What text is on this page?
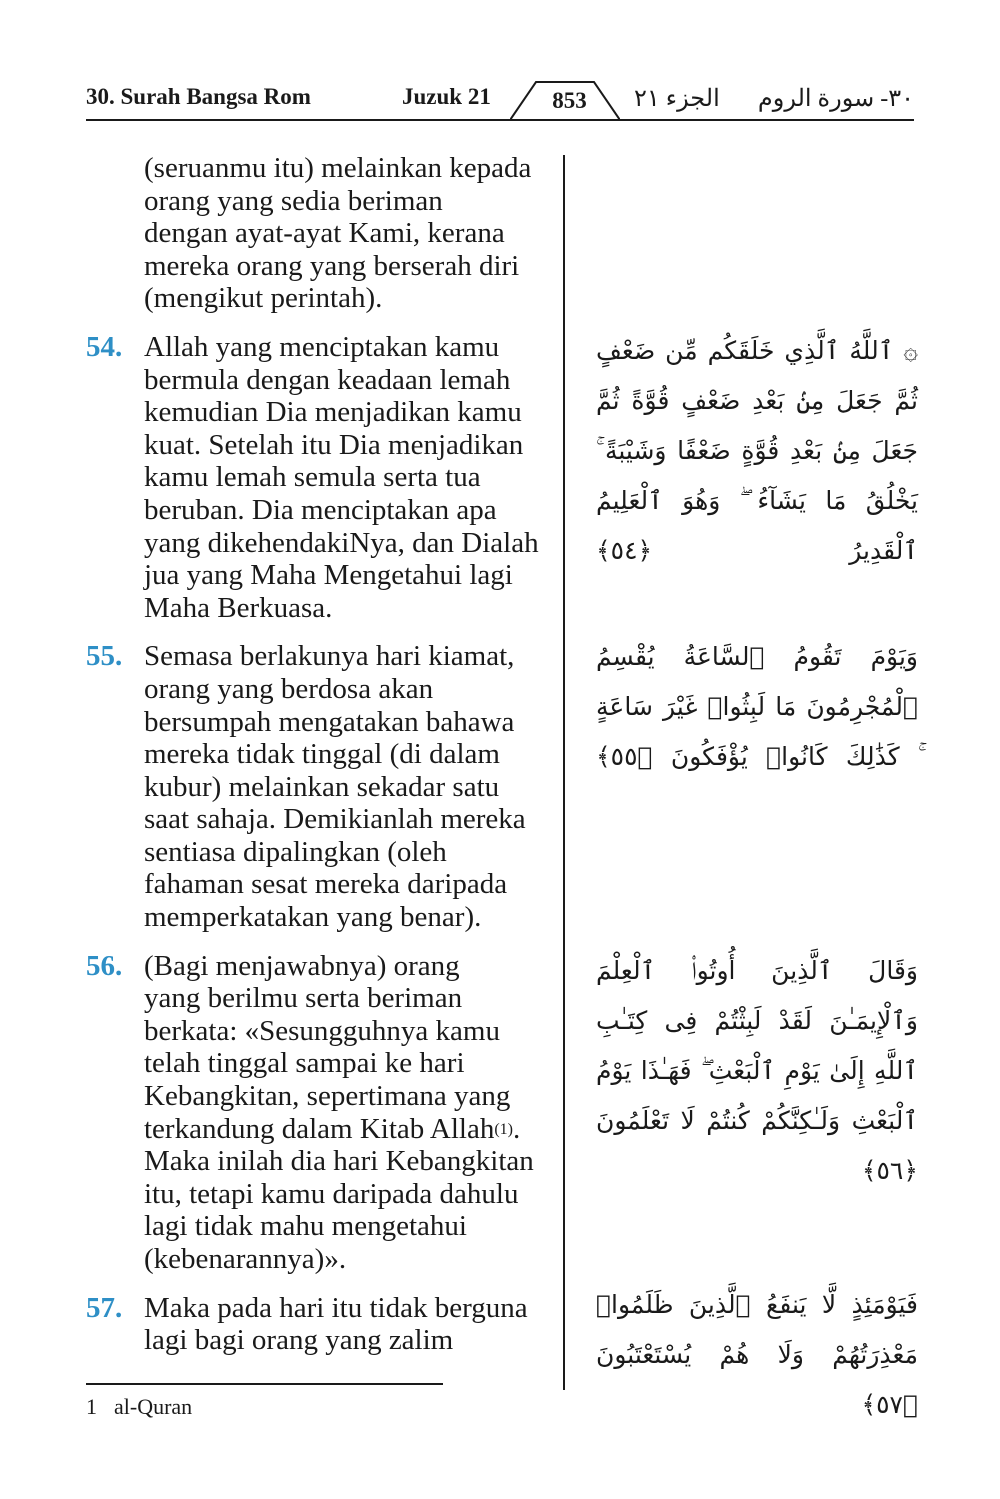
30. Surah Bangsa Rom	Juzuk 21	853	الجزء ٢١ ٣٠- سورة الروم

(seruanmu itu) melainkan kepada

orang yang sedia beriman

dengan ayat-ayat Kami, kerana

mereka orang yang berserah diri

(mengikut perintah).

54. Allah yang menciptakan kamu

bermula dengan keadaan lemah

kemudian Dia menjadikan kamu

kuat. Setelah itu Dia menjadikan

kamu lemah semula serta tua

beruban. Dia menciptakan apa

yang dikehendakiNya, dan Dialah

jua yang Maha Mengetahui lagi

Maha Berkuasa.

55. Semasa berlakunya hari kiamat,

orang yang berdosa akan

bersumpah mengatakan bahawa

mereka tidak tinggal (di dalam

kubur) melainkan sekadar satu

saat sahaja. Demikianlah mereka

sentiasa dipalingkan (oleh

fahaman sesat mereka daripada

memperkatakan yang benar).

56. (Bagi menjawabnya) orang

yang berilmu serta beriman

berkata: «Sesungguhnya kamu

telah tinggal sampai ke hari

Kebangkitan, sepertimana yang

terkandung dalam Kitab Allah$^{(1)}$.

Maka inilah dia hari Kebangkitan

itu, tetapi kamu daripada dahulu

lagi tidak mahu mengetahui

(kebenarannya)».

57. Maka pada hari itu tidak berguna

lagi bagi orang yang zalim

۞ ٱللَّهُ ٱلَّذِي خَلَقَكُم مِّن ضَعْفٍ ثُمَّ جَعَلَ مِنۢ بَعْدِ ضَعْفٍ قُوَّةً ثُمَّ جَعَلَ مِنۢ بَعْدِ قُوَّةٍ ضَعْفًا وَشَيْبَةً ۚ يَخْلُقُ مَا يَشَآءُ ۖ وَهُوَ ٱلْعَلِيمُ ٱلْقَدِيرُ ﴿٥٤﴾
وَيَوْمَ تَقُومُ ٱلسَّاعَةُ يُقْسِمُ ٱلْمُجْرِمُونَ مَا لَبِثُوا۟ غَيْرَ سَاعَةٍ ۚ كَذَٰلِكَ كَانُوا۟ يُؤْفَكُونَ ﴿٥٥﴾
وَقَالَ ٱلَّذِينَ أُوتُوا۟ ٱلْعِلْمَ وَٱلْإِيمَـٰنَ لَقَدْ لَبِثْتُمْ فِى كِتَـٰبِ ٱللَّهِ إِلَىٰ يَوْمِ ٱلْبَعْثِ ۖ فَهَـٰذَا يَوْمُ ٱلْبَعْثِ وَلَـٰكِنَّكُمْ كُنتُمْ لَا تَعْلَمُونَ ﴿٥٦﴾
فَيَوْمَئِذٍ لَّا يَنفَعُ ٱلَّذِينَ ظَلَمُوا۟ مَعْذِرَتُهُمْ وَلَا هُمْ يُسْتَعْتَبُونَ ﴿٥٧﴾
1 al-Quran
